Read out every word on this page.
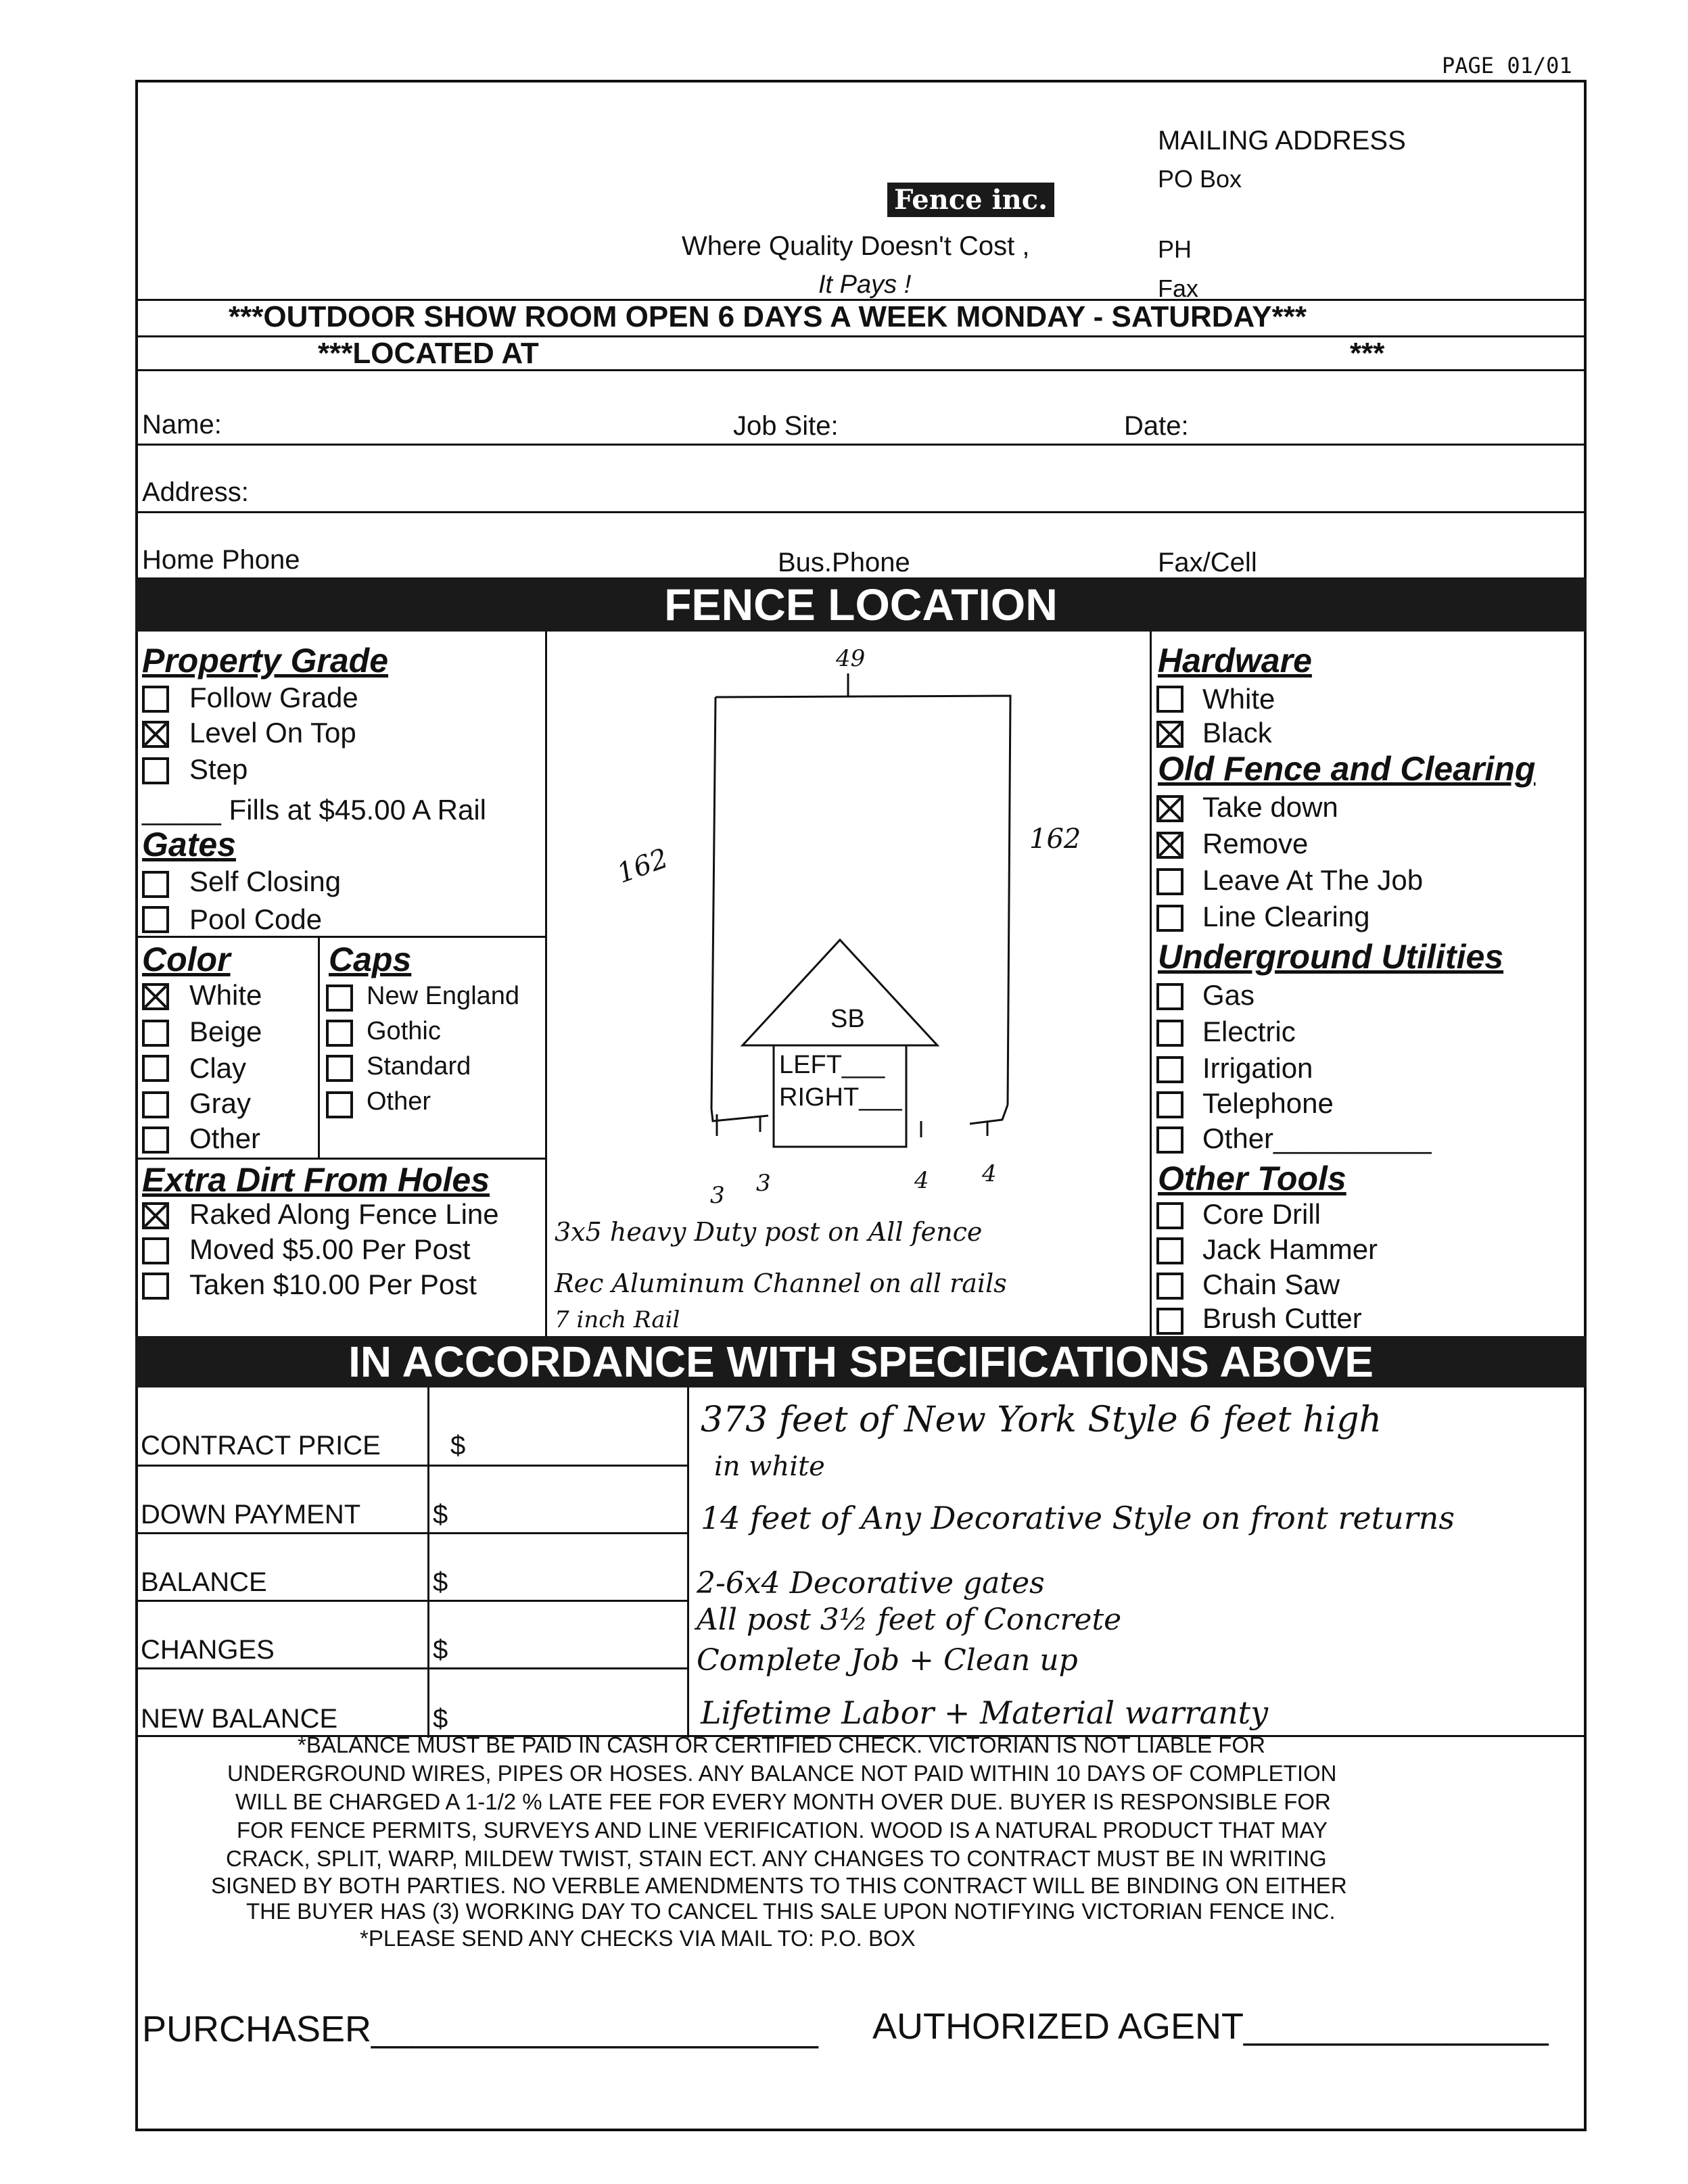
PAGE 01/01
Fence inc.
Where Quality Doesn't Cost ,
It Pays !
MAILING ADDRESS
PO Box
PH
Fax
***OUTDOOR SHOW ROOM OPEN 6 DAYS A WEEK MONDAY - SATURDAY***
***LOCATED AT	***
Name:	Job Site:	Date:
Address:
Home Phone	Bus.Phone	Fax/Cell
FENCE LOCATION
Property Grade
Follow Grade
Level On Top
Step
_____ Fills at $45.00 A Rail
Gates
Self Closing
Pool Code
Color
White
Beige
Clay
Gray
Other
Caps
New England
Gothic
Standard
Other
Extra Dirt From Holes
Raked Along Fence Line
Moved $5.00 Per Post
Taken $10.00 Per Post
Hardware
White
Black
Old Fence and Clearing
Take down
Remove
Leave At The Job
Line Clearing
Underground Utilities
Gas
Electric
Irrigation
Telephone
Other__________
Other Tools
Core Drill
Jack Hammer
Chain Saw
Brush Cutter
49
162
162
SB
LEFT___
RIGHT___
3 3	4 4
3x5 heavy Duty post on All fence
Rec Aluminum Channel on all rails
7 inch Rail
IN ACCORDANCE WITH SPECIFICATIONS ABOVE
CONTRACT PRICE	$
DOWN PAYMENT	$
BALANCE	$
CHANGES	$
NEW BALANCE	$
373 feet of New York Style 6 feet high
in white
14 feet of Any Decorative Style on front returns
2-6x4 Decorative gates
All post 3½ feet of Concrete
Complete Job + Clean up
Lifetime Labor + Material warranty
*BALANCE MUST BE PAID IN CASH OR CERTIFIED CHECK. VICTORIAN IS NOT LIABLE FOR
UNDERGROUND WIRES, PIPES OR HOSES. ANY BALANCE NOT PAID WITHIN 10 DAYS OF COMPLETION
WILL BE CHARGED A 1-1/2 % LATE FEE FOR EVERY MONTH OVER DUE. BUYER IS RESPONSIBLE FOR
FOR FENCE PERMITS, SURVEYS AND LINE VERIFICATION. WOOD IS A NATURAL PRODUCT THAT MAY
CRACK, SPLIT, WARP, MILDEW TWIST, STAIN ECT. ANY CHANGES TO CONTRACT MUST BE IN WRITING
SIGNED BY BOTH PARTIES. NO VERBLE AMENDMENTS TO THIS CONTRACT WILL BE BINDING ON EITHER
THE BUYER HAS (3) WORKING DAY TO CANCEL THIS SALE UPON NOTIFYING VICTORIAN FENCE INC.
*PLEASE SEND ANY CHECKS VIA MAIL TO: P.O. BOX
PURCHASER______________________ AUTHORIZED AGENT_______________
